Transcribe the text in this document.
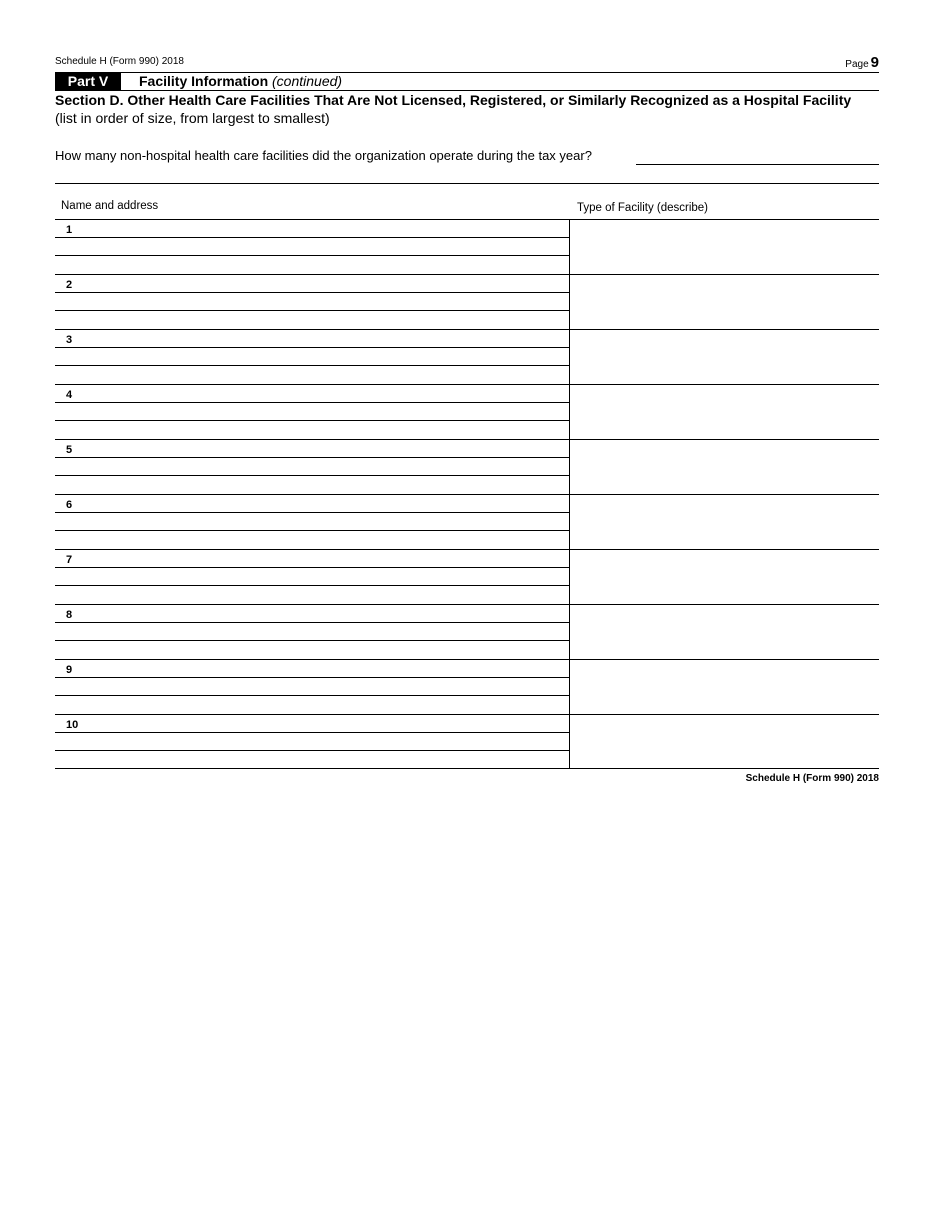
Schedule H (Form 990) 2018	Page 9
Part V	Facility Information (continued)
Section D. Other Health Care Facilities That Are Not Licensed, Registered, or Similarly Recognized as a Hospital Facility
(list in order of size, from largest to smallest)
How many non-hospital health care facilities did the organization operate during the tax year?
Name and address	Type of Facility (describe)
1
2
3
4
5
6
7
8
9
10
Schedule H (Form 990) 2018
